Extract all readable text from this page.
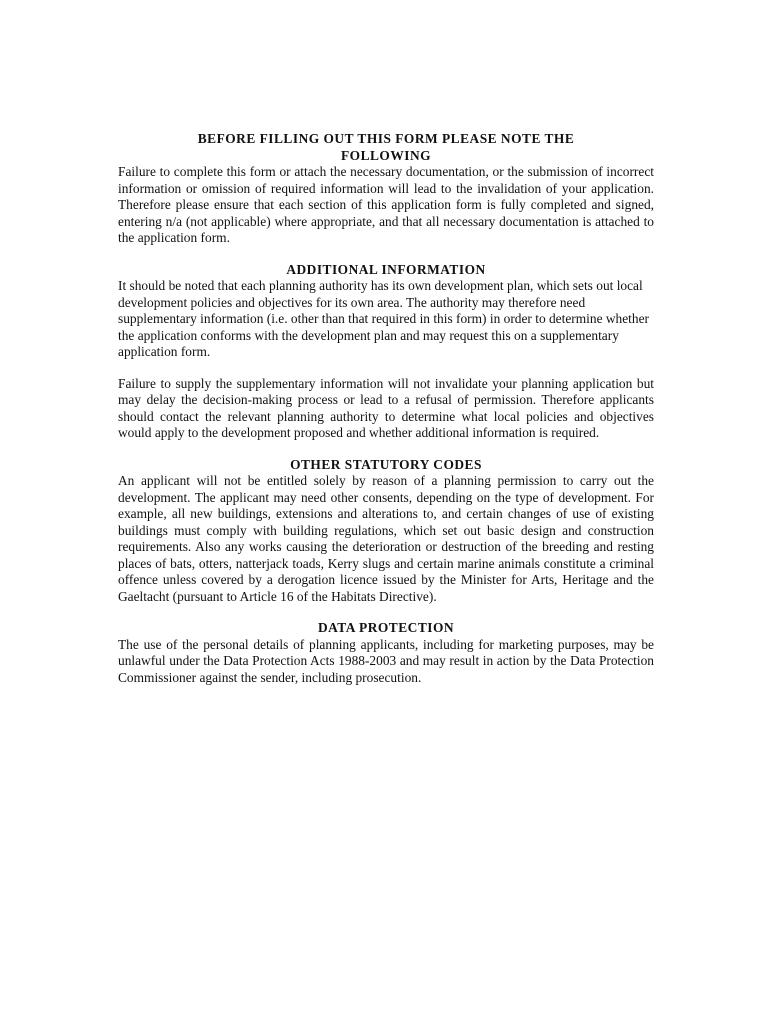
BEFORE FILLING OUT THIS FORM PLEASE NOTE THE FOLLOWING

Failure to complete this form or attach the necessary documentation, or the submission of incorrect information or omission of required information will lead to the invalidation of your application. Therefore please ensure that each section of this application form is fully completed and signed, entering n/a (not applicable) where appropriate, and that all necessary documentation is attached to the application form.

ADDITIONAL INFORMATION

It should be noted that each planning authority has its own development plan, which sets out local development policies and objectives for its own area. The authority may therefore need supplementary information (i.e. other than that required in this form) in order to determine whether the application conforms with the development plan and may request this on a supplementary application form.

Failure to supply the supplementary information will not invalidate your planning application but may delay the decision-making process or lead to a refusal of permission. Therefore applicants should contact the relevant planning authority to determine what local policies and objectives would apply to the development proposed and whether additional information is required.

OTHER STATUTORY CODES

An applicant will not be entitled solely by reason of a planning permission to carry out the development. The applicant may need other consents, depending on the type of development. For example, all new buildings, extensions and alterations to, and certain changes of use of existing buildings must comply with building regulations, which set out basic design and construction requirements. Also any works causing the deterioration or destruction of the breeding and resting places of bats, otters, natterjack toads, Kerry slugs and certain marine animals constitute a criminal offence unless covered by a derogation licence issued by the Minister for Arts, Heritage and the Gaeltacht (pursuant to Article 16 of the Habitats Directive).

DATA PROTECTION

The use of the personal details of planning applicants, including for marketing purposes, may be unlawful under the Data Protection Acts 1988-2003 and may result in action by the Data Protection Commissioner against the sender, including prosecution.
